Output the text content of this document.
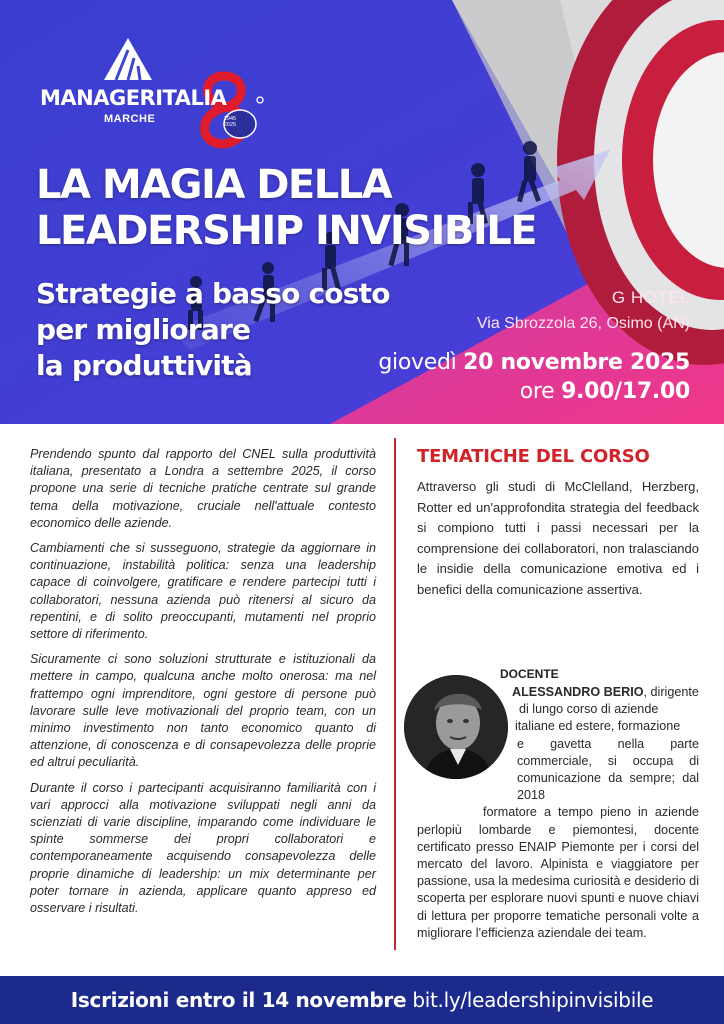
MANAGERITALIA
MARCHE	1945 2025
LA MAGIA DELLA
LEADERSHIP INVISIBILE
Strategie a basso costo
per migliorare
la produttività
G HOTEL
Via Sbrozzola 26, Osimo (AN)
giovedì 20 novembre 2025
ore 9.00/17.00

Prendendo spunto dal rapporto del CNEL sulla produttività italiana, presentato a Londra a settembre 2025, il corso propone una serie di tecniche pratiche centrate sul grande tema della motivazione, cruciale nell'attuale contesto economico delle aziende.

Cambiamenti che si susseguono, strategie da aggiornare in continuazione, instabilità politica: senza una leadership capace di coinvolgere, gratificare e rendere partecipi tutti i collaboratori, nessuna azienda può ritenersi al sicuro da repentini, e di solito preoccupanti, mutamenti nel proprio settore di riferimento.

Sicuramente ci sono soluzioni strutturate e istituzionali da mettere in campo, qualcuna anche molto onerosa: ma nel frattempo ogni imprenditore, ogni gestore di persone può lavorare sulle leve motivazionali del proprio team, con un minimo investimento non tanto economico quanto di attenzione, di conoscenza e di consapevolezza delle proprie ed altrui peculiarità.

Durante il corso i partecipanti acquisiranno familiarità con i vari approcci alla motivazione sviluppati negli anni da scienziati di varie discipline, imparando come individuare le spinte sommerse dei propri collaboratori e contemporaneamente acquisendo consapevolezza delle proprie dinamiche di leadership: un mix determinante per poter tornare in azienda, applicare quanto appreso ed osservare i risultati.

TEMATICHE DEL CORSO
Attraverso gli studi di McClelland, Herzberg, Rotter ed un'approfondita strategia del feedback si compiono tutti i passi necessari per la comprensione dei collaboratori, non tralasciando le insidie della comunicazione emotiva ed i benefici della comunicazione assertiva.
DOCENTE
ALESSANDRO BERIO, dirigente
di lungo corso di aziende
italiane ed estere, formazione
e gavetta nella parte commerciale, si occupa di comunicazione da sempre; dal 2018
formatore a tempo pieno in aziende perlopiù lombarde e piemontesi, docente certificato presso ENAIP Piemonte per i corsi del mercato del lavoro. Alpinista e viaggiatore per passione, usa la medesima curiosità e desiderio di scoperta per esplorare nuovi spunti e nuove chiavi di lettura per proporre tematiche personali volte a migliorare l'efficienza aziendale dei team.
Iscrizioni entro il 14 novembre bit.ly/leadershipinvisibile
